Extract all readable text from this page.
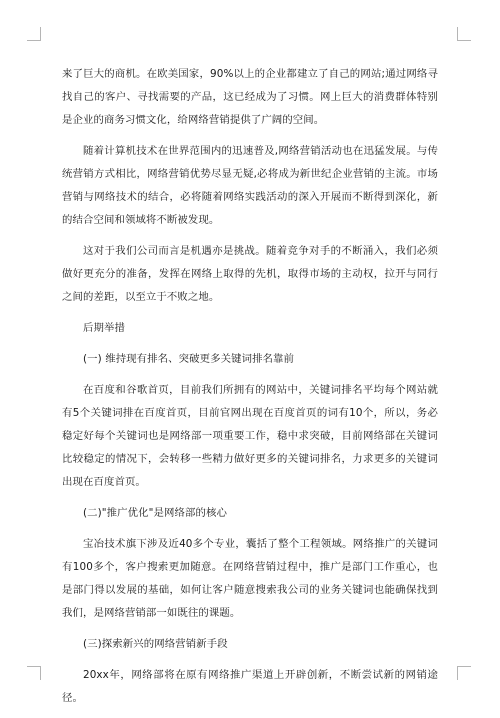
来了巨大的商机。在欧美国家，90%以上的企业都建立了自己的网站;通过网络寻找自己的客户、寻找需要的产品，这已经成为了习惯。网上巨大的消费群体特别是企业的商务习惯文化，给网络营销提供了广阔的空间。

随着计算机技术在世界范围内的迅速普及,网络营销活动也在迅猛发展。与传统营销方式相比，网络营销优势尽显无疑,必将成为新世纪企业营销的主流。市场营销与网络技术的结合，必将随着网络实践活动的深入开展而不断得到深化，新的结合空间和领域将不断被发现。

这对于我们公司而言是机遇亦是挑战。随着竞争对手的不断涌入，我们必须做好更充分的准备，发挥在网络上取得的先机，取得市场的主动权，拉开与同行之间的差距，以至立于不败之地。

后期举措

(一) 维持现有排名、突破更多关键词排名靠前

在百度和谷歌首页，目前我们所拥有的网站中，关键词排名平均每个网站就有5个关键词排在百度首页，目前官网出现在百度首页的词有10个，所以，务必稳定好每个关键词也是网络部一项重要工作，稳中求突破，目前网络部在关键词比较稳定的情况下，会转移一些精力做好更多的关键词排名，力求更多的关键词出现在百度首页。

(二)"推广优化"是网络部的核心

宝冶技术旗下涉及近40多个专业，囊括了整个工程领域。网络推广的关键词有100多个，客户搜索更加随意。在网络营销过程中，推广是部门工作重心，也是部门得以发展的基础，如何让客户随意搜索我公司的业务关键词也能确保找到我们，是网络营销部一如既往的课题。

(三)探索新兴的网络营销新手段

20xx年，网络部将在原有网络推广渠道上开辟创新，不断尝试新的网销途径。
